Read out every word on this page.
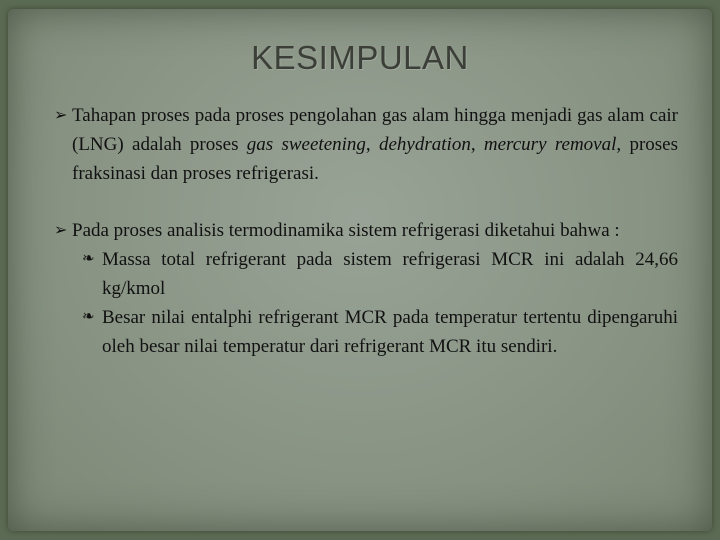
KESIMPULAN
➢ Tahapan proses pada proses pengolahan gas alam hingga menjadi gas alam cair (LNG) adalah proses gas sweetening, dehydration, mercury removal, proses fraksinasi dan proses refrigerasi.
➢ Pada proses analisis termodinamika sistem refrigerasi diketahui bahwa :
❧ Massa total refrigerant pada sistem refrigerasi MCR ini adalah 24,66 kg/kmol
❧ Besar nilai entalphi refrigerant MCR pada temperatur tertentu dipengaruhi oleh besar nilai temperatur dari refrigerant MCR itu sendiri.
